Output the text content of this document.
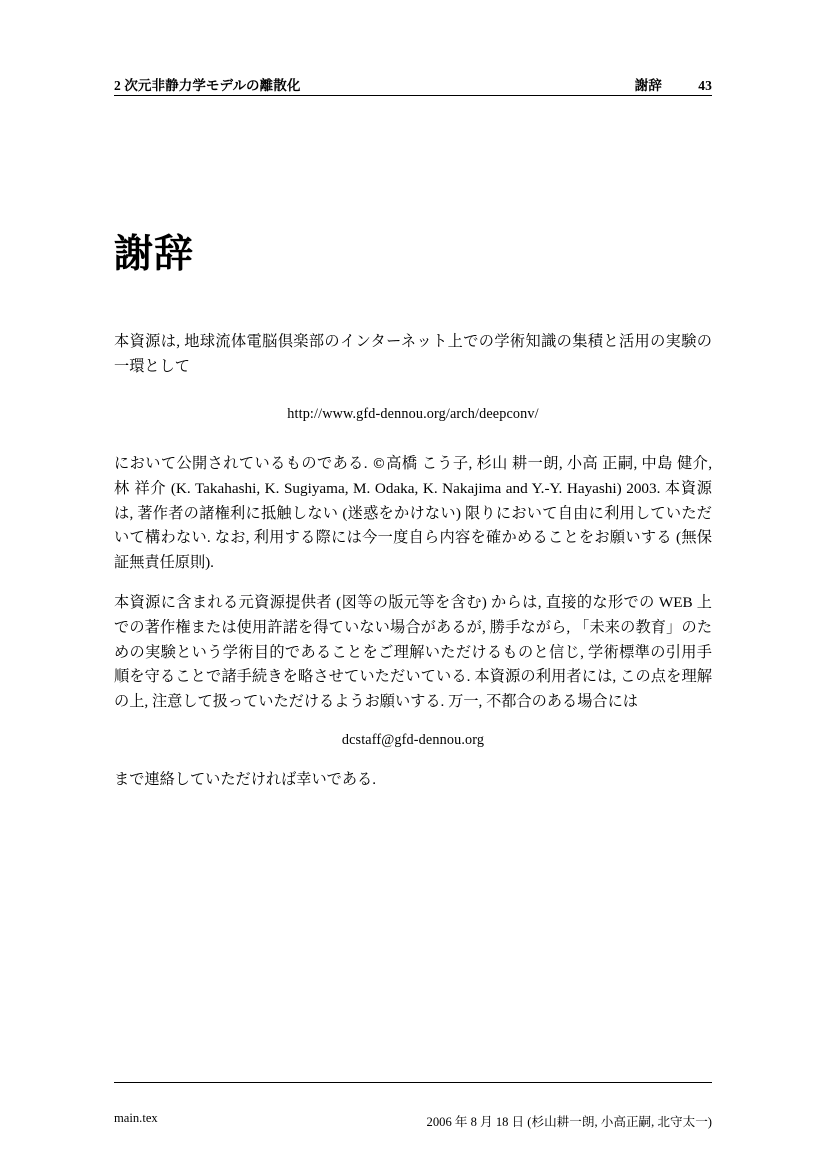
2 次元非静力学モデルの離散化	謝辞	43
謝辞

本資源は, 地球流体電脳倶楽部のインターネット上での学術知識の集積と活用の実験の一環として

http://www.gfd-dennou.org/arch/deepconv/

において公開されているものである. ©高橋 こう子, 杉山 耕一朗, 小高 正嗣, 中島 健介, 林 祥介 (K. Takahashi, K. Sugiyama, M. Odaka, K. Nakajima and Y.-Y. Hayashi) 2003. 本資源は, 著作者の諸権利に抵触しない (迷惑をかけない) 限りにおいて自由に利用していただいて構わない. なお, 利用する際には今一度自ら内容を確かめることをお願いする (無保証無責任原則).

本資源に含まれる元資源提供者 (図等の版元等を含む) からは, 直接的な形での WEB 上での著作権または使用許諾を得ていない場合があるが, 勝手ながら, 「未来の教育」のための実験という学術目的であることをご理解いただけるものと信じ, 学術標準の引用手順を守ることで諸手続きを略させていただいている. 本資源の利用者には, この点を理解の上, 注意して扱っていただけるようお願いする. 万一, 不都合のある場合には

dcstaff@gfd-dennou.org

まで連絡していただければ幸いである.

main.tex	2006 年 8 月 18 日 (杉山耕一朗, 小高正嗣, 北守太一)
